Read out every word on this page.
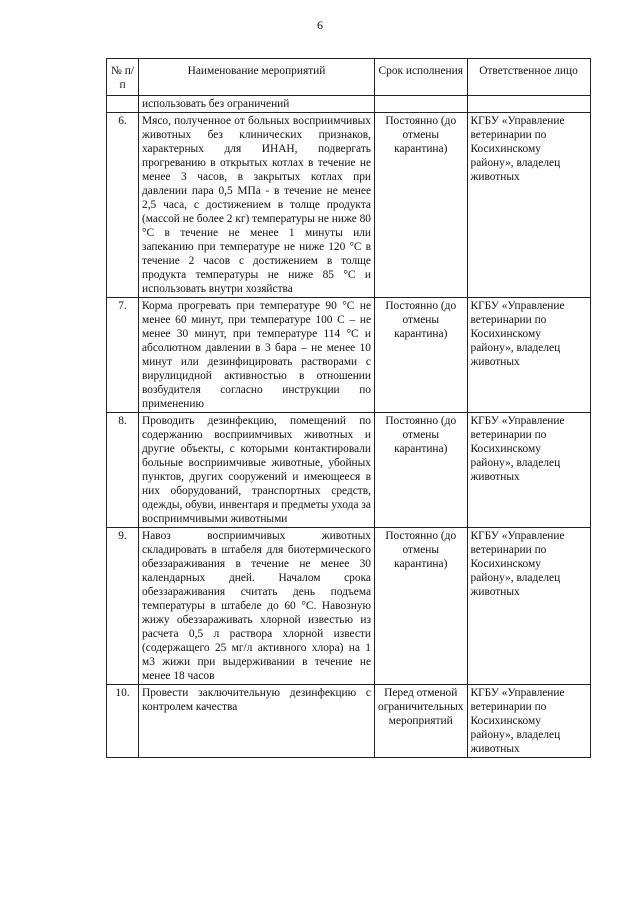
6
№ п/п	Наименование мероприятий	Срок исполнения	Ответственное лицо
	использовать без ограничений		
6.	Мясо, полученное от больных восприимчивых животных без клинических признаков, характерных для ИНАН, подвергать прогреванию в открытых котлах в течение не менее 3 часов, в закрытых котлах при давлении пара 0,5 МПа - в течение не менее 2,5 часа, с достижением в толще продукта (массой не более 2 кг) температуры не ниже 80 °С в течение не менее 1 минуты или запеканию при температуре не ниже 120 °С в течение 2 часов с достижением в толще продукта температуры не ниже 85 °С и использовать внутри хозяйства	Постоянно (до отмены карантина)	КГБУ «Управление ветеринарии по Косихинскому району», владелец животных
7.	Корма прогревать при температуре 90 °С не менее 60 минут, при температуре 100 С – не менее 30 минут, при температуре 114 °С и абсолютном давлении в 3 бара – не менее 10 минут или дезинфицировать растворами с вирулицидной активностью в отношении возбудителя согласно инструкции по применению	Постоянно (до отмены карантина)	КГБУ «Управление ветеринарии по Косихинскому району», владелец животных
8.	Проводить дезинфекцию, помещений по содержанию восприимчивых животных и другие объекты, с которыми контактировали больные восприимчивые животные, убойных пунктов, других сооружений и имеющееся в них оборудований, транспортных средств, одежды, обуви, инвентаря и предметы ухода за восприимчивыми животными	Постоянно (до отмены карантина)	КГБУ «Управление ветеринарии по Косихинскому району», владелец животных
9.	Навоз восприимчивых животных складировать в штабеля для биотермического обеззараживания в течение не менее 30 календарных дней. Началом срока обеззараживания считать день подъема температуры в штабеле до 60 °С. Навозную жижу обеззараживать хлорной известью из расчета 0,5 л раствора хлорной извести (содержащего 25 мг/л активного хлора) на 1 м3 жижи при выдерживании в течение не менее 18 часов	Постоянно (до отмены карантина)	КГБУ «Управление ветеринарии по Косихинскому району», владелец животных
10.	Провести заключительную дезинфекцию с контролем качества	Перед отменой ограничительных мероприятий	КГБУ «Управление ветеринарии по Косихинскому району», владелец животных
